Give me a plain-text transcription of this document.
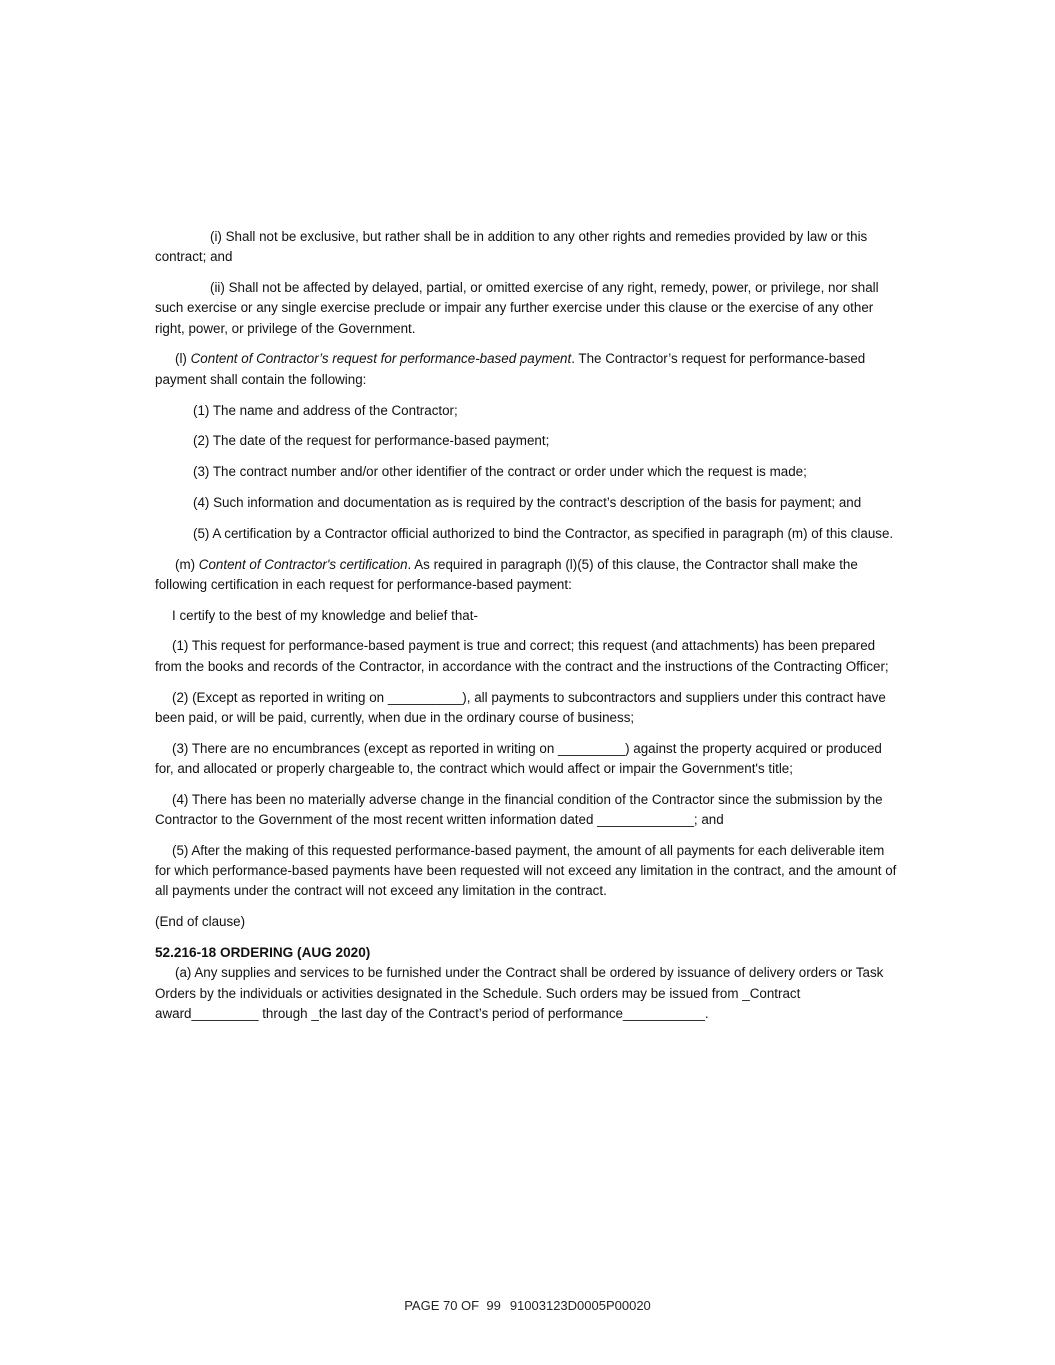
(i) Shall not be exclusive, but rather shall be in addition to any other rights and remedies provided by law or this contract; and

(ii) Shall not be affected by delayed, partial, or omitted exercise of any right, remedy, power, or privilege, nor shall such exercise or any single exercise preclude or impair any further exercise under this clause or the exercise of any other right, power, or privilege of the Government.

(l) Content of Contractor’s request for performance-based payment. The Contractor’s request for performance-based payment shall contain the following:

(1) The name and address of the Contractor;

(2) The date of the request for performance-based payment;

(3) The contract number and/or other identifier of the contract or order under which the request is made;

(4) Such information and documentation as is required by the contract’s description of the basis for payment; and

(5) A certification by a Contractor official authorized to bind the Contractor, as specified in paragraph (m) of this clause.

(m) Content of Contractor's certification. As required in paragraph (l)(5) of this clause, the Contractor shall make the following certification in each request for performance-based payment:

I certify to the best of my knowledge and belief that-

(1) This request for performance-based payment is true and correct; this request (and attachments) has been prepared from the books and records of the Contractor, in accordance with the contract and the instructions of the Contracting Officer;

(2) (Except as reported in writing on __________), all payments to subcontractors and suppliers under this contract have been paid, or will be paid, currently, when due in the ordinary course of business;

(3) There are no encumbrances (except as reported in writing on _________) against the property acquired or produced for, and allocated or properly chargeable to, the contract which would affect or impair the Government's title;

(4) There has been no materially adverse change in the financial condition of the Contractor since the submission by the Contractor to the Government of the most recent written information dated _____________; and

(5) After the making of this requested performance-based payment, the amount of all payments for each deliverable item for which performance-based payments have been requested will not exceed any limitation in the contract, and the amount of all payments under the contract will not exceed any limitation in the contract.

(End of clause)

52.216-18 ORDERING (AUG 2020)

(a) Any supplies and services to be furnished under the Contract shall be ordered by issuance of delivery orders or Task Orders by the individuals or activities designated in the Schedule. Such orders may be issued from _Contract award_________ through _the last day of the Contract’s period of performance___________.

PAGE 70 OF  99 91003123D0005P00020
